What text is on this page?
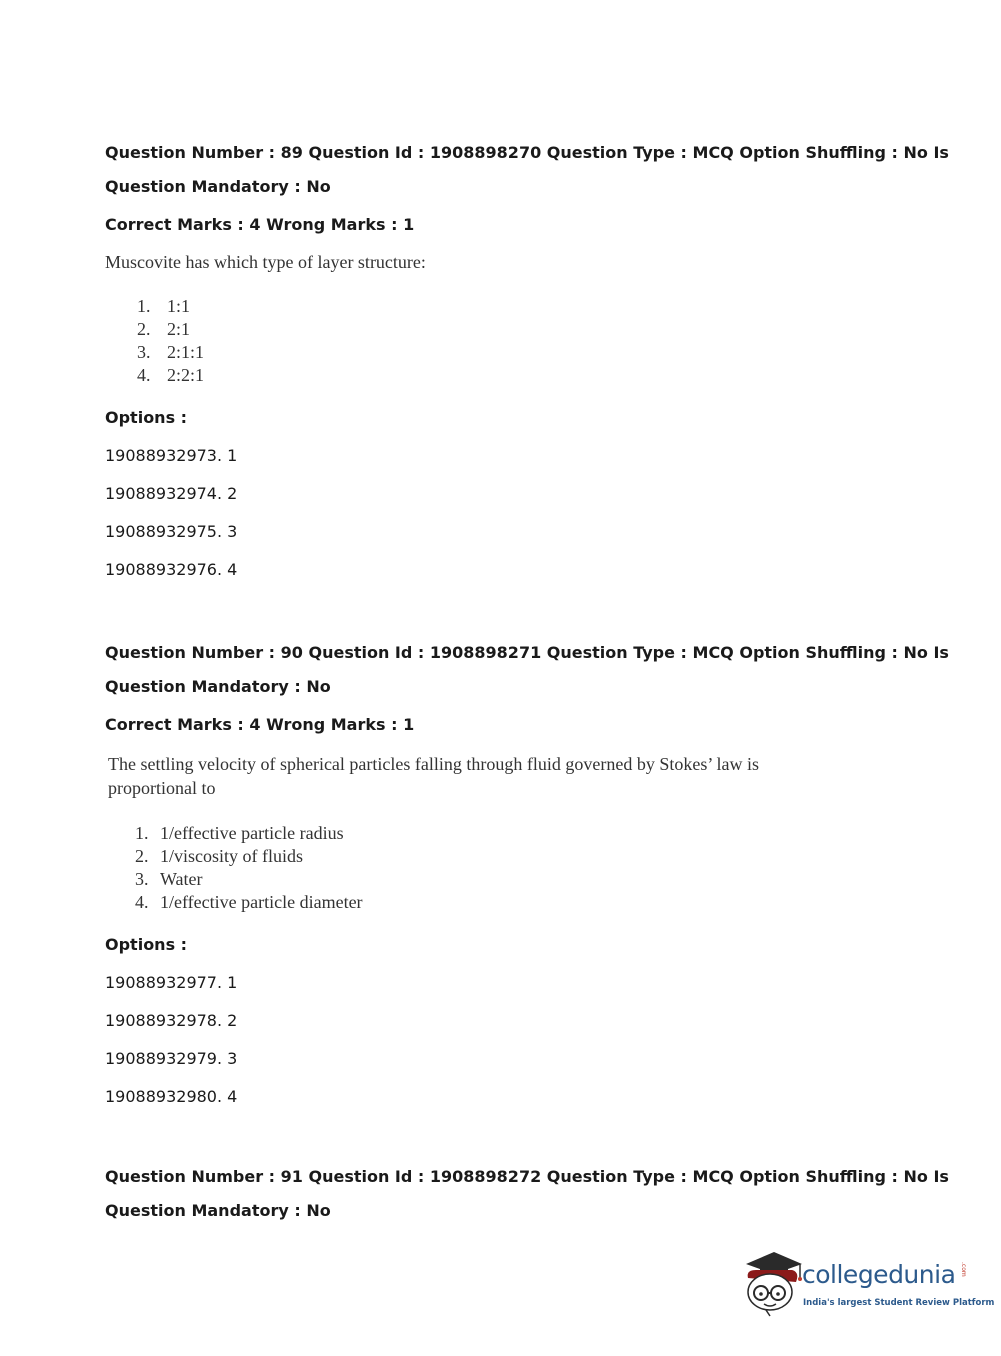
Question Number : 89 Question Id : 1908898270 Question Type : MCQ Option Shuffling : No Is

Question Mandatory : No

Correct Marks : 4 Wrong Marks : 1

Muscovite has which type of layer structure:

1. 1:1
2. 2:1
3. 2:1:1
4. 2:2:1

Options :

19088932973. 1

19088932974. 2

19088932975. 3

19088932976. 4

Question Number : 90 Question Id : 1908898271 Question Type : MCQ Option Shuffling : No Is

Question Mandatory : No

Correct Marks : 4 Wrong Marks : 1

The settling velocity of spherical particles falling through fluid governed by Stokes’ law is

proportional to

1. 1/effective particle radius
2. 1/viscosity of fluids
3. Water
4. 1/effective particle diameter

Options :

19088932977. 1

19088932978. 2

19088932979. 3

19088932980. 4

Question Number : 91 Question Id : 1908898272 Question Type : MCQ Option Shuffling : No Is

Question Mandatory : No

collegedunia .com
India's largest Student Review Platform
